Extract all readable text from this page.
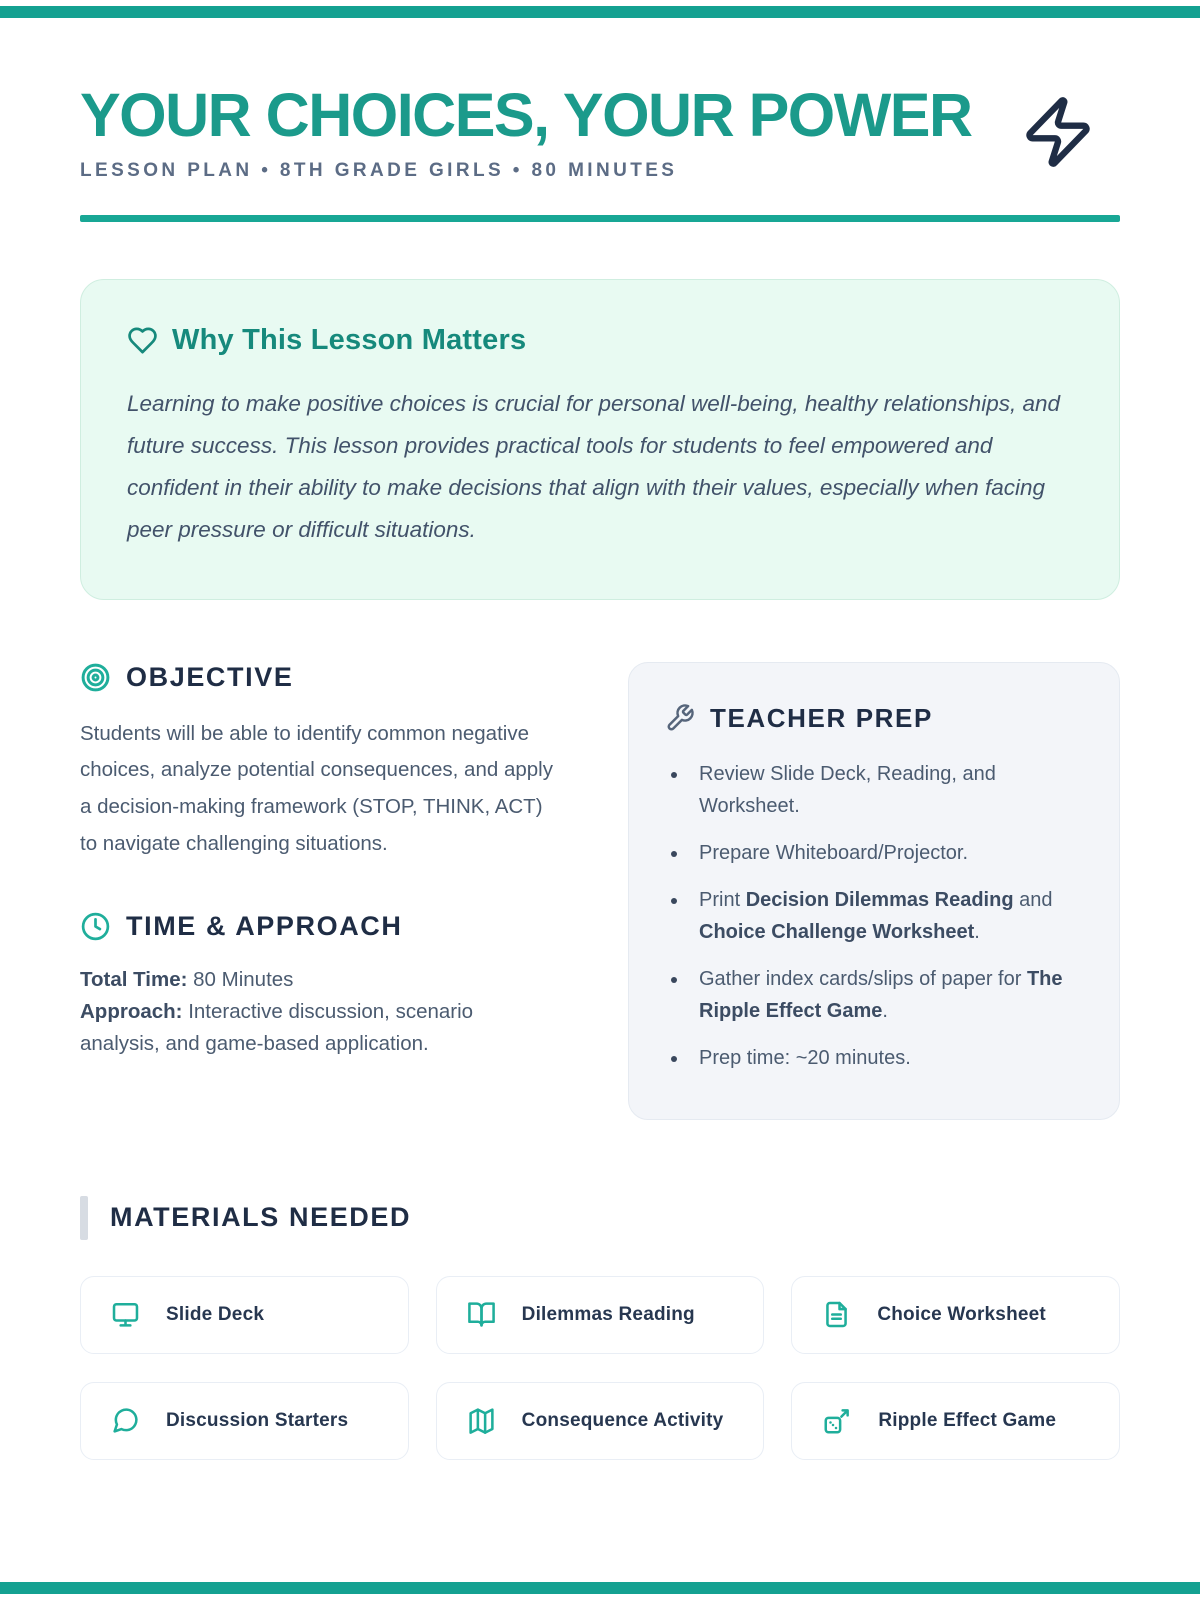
YOUR CHOICES, YOUR POWER
LESSON PLAN • 8TH GRADE GIRLS • 80 MINUTES
Why This Lesson Matters

Learning to make positive choices is crucial for personal well-being, healthy relationships, and future success. This lesson provides practical tools for students to feel empowered and confident in their ability to make decisions that align with their values, especially when facing peer pressure or difficult situations.

OBJECTIVE

Students will be able to identify common negative choices, analyze potential consequences, and apply a decision-making framework (STOP, THINK, ACT) to navigate challenging situations.

TIME & APPROACH

Total Time: 80 Minutes
Approach: Interactive discussion, scenario analysis, and game-based application.

TEACHER PREP
• Review Slide Deck, Reading, and Worksheet.
• Prepare Whiteboard/Projector.
• Print Decision Dilemmas Reading and Choice Challenge Worksheet.
• Gather index cards/slips of paper for The Ripple Effect Game.
• Prep time: ~20 minutes.
MATERIALS NEEDED
Slide Deck	Dilemmas Reading	Choice Worksheet
Discussion Starters	Consequence Activity	Ripple Effect Game
